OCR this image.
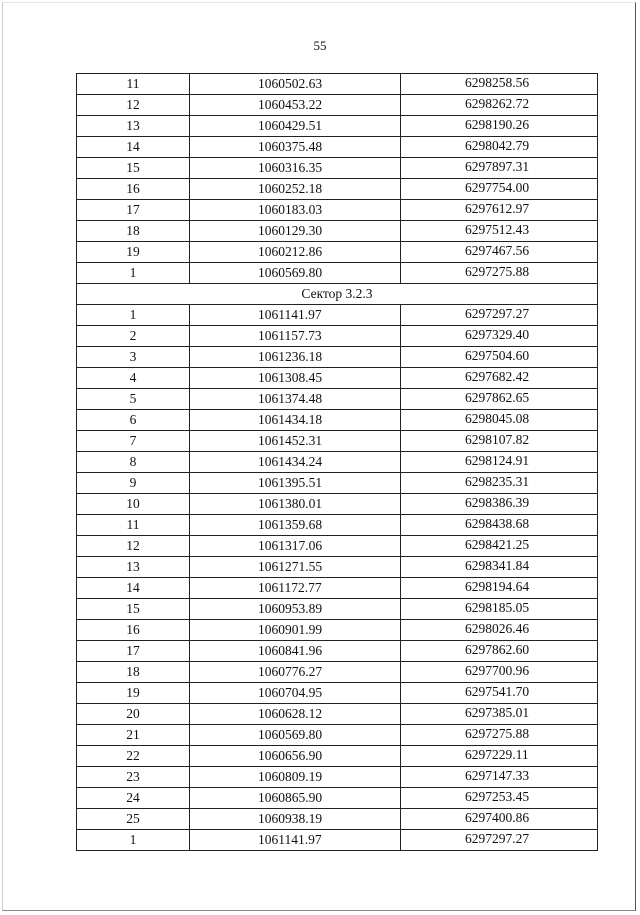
55
11	1060502.63	6298258.56
12	1060453.22	6298262.72
13	1060429.51	6298190.26
14	1060375.48	6298042.79
15	1060316.35	6297897.31
16	1060252.18	6297754.00
17	1060183.03	6297612.97
18	1060129.30	6297512.43
19	1060212.86	6297467.56
1	1060569.80	6297275.88
Сектор 3.2.3		
1	1061141.97	6297297.27
2	1061157.73	6297329.40
3	1061236.18	6297504.60
4	1061308.45	6297682.42
5	1061374.48	6297862.65
6	1061434.18	6298045.08
7	1061452.31	6298107.82
8	1061434.24	6298124.91
9	1061395.51	6298235.31
10	1061380.01	6298386.39
11	1061359.68	6298438.68
12	1061317.06	6298421.25
13	1061271.55	6298341.84
14	1061172.77	6298194.64
15	1060953.89	6298185.05
16	1060901.99	6298026.46
17	1060841.96	6297862.60
18	1060776.27	6297700.96
19	1060704.95	6297541.70
20	1060628.12	6297385.01
21	1060569.80	6297275.88
22	1060656.90	6297229.11
23	1060809.19	6297147.33
24	1060865.90	6297253.45
25	1060938.19	6297400.86
1	1061141.97	6297297.27
